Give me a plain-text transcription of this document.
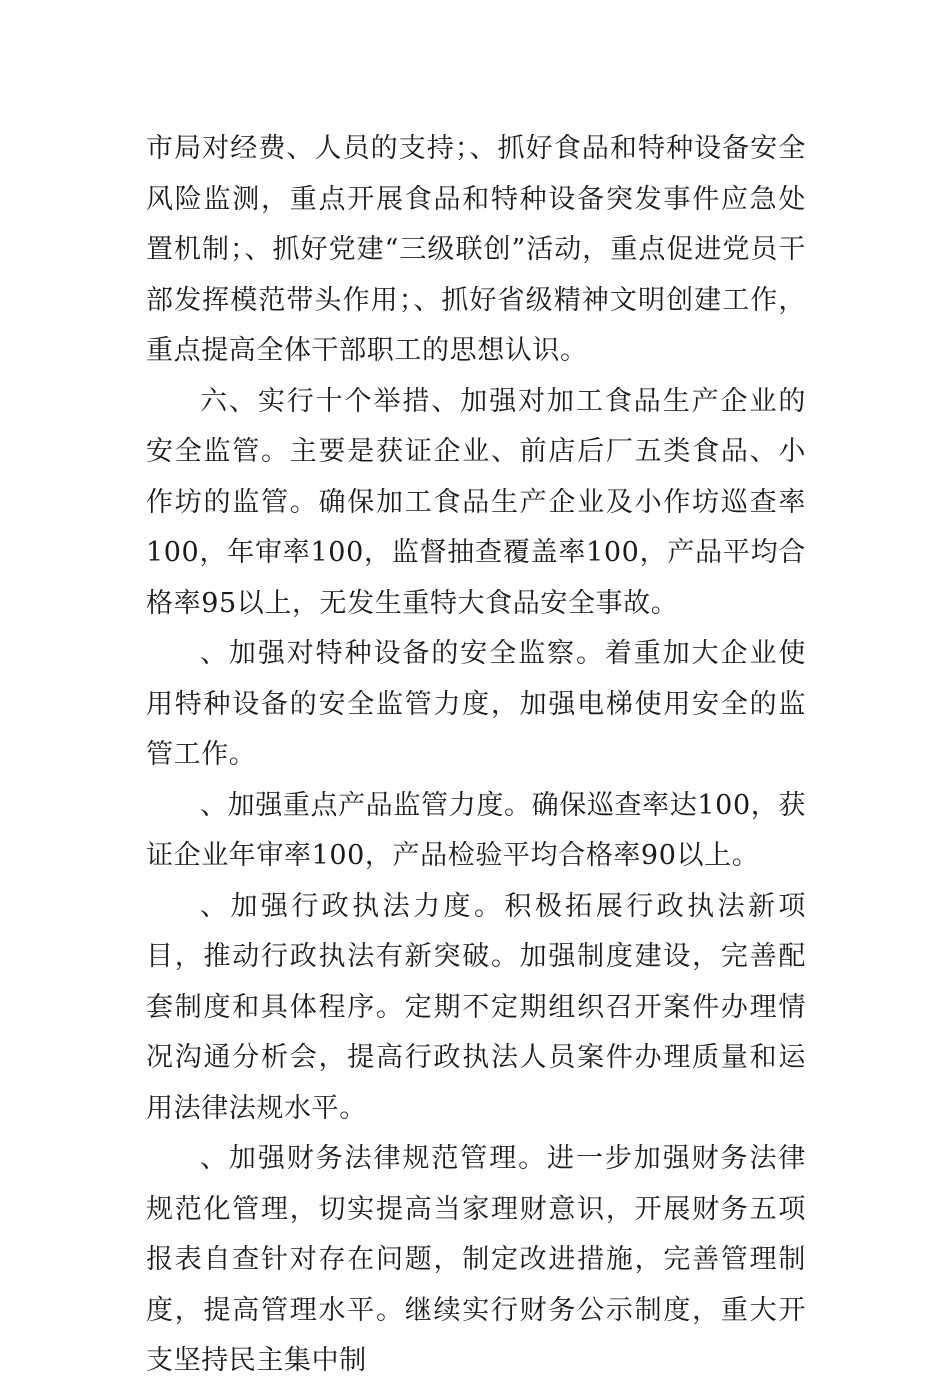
市局对经费、人员的支持；、抓好食品和特种设备安全风险监测，重点开展食品和特种设备突发事件应急处置机制；、抓好党建“三级联创”活动，重点促进党员干部发挥模范带头作用；、抓好省级精神文明创建工作，重点提高全体干部职工的思想认识。

六、实行十个举措、加强对加工食品生产企业的安全监管。主要是获证企业、前店后厂五类食品、小作坊的监管。确保加工食品生产企业及小作坊巡查率100，年审率100，监督抽查覆盖率100，产品平均合格率95以上，无发生重特大食品安全事故。

、加强对特种设备的安全监察。着重加大企业使用特种设备的安全监管力度，加强电梯使用安全的监管工作。

、加强重点产品监管力度。确保巡查率达100，获证企业年审率100，产品检验平均合格率90以上。

、加强行政执法力度。积极拓展行政执法新项目，推动行政执法有新突破。加强制度建设，完善配套制度和具体程序。定期不定期组织召开案件办理情况沟通分析会，提高行政执法人员案件办理质量和运用法律法规水平。

、加强财务法律规范管理。进一步加强财务法律规范化管理，切实提高当家理财意识，开展财务五项报表自查针对存在问题，制定改进措施，完善管理制度，提高管理水平。继续实行财务公示制度，重大开支坚持民主集中制
